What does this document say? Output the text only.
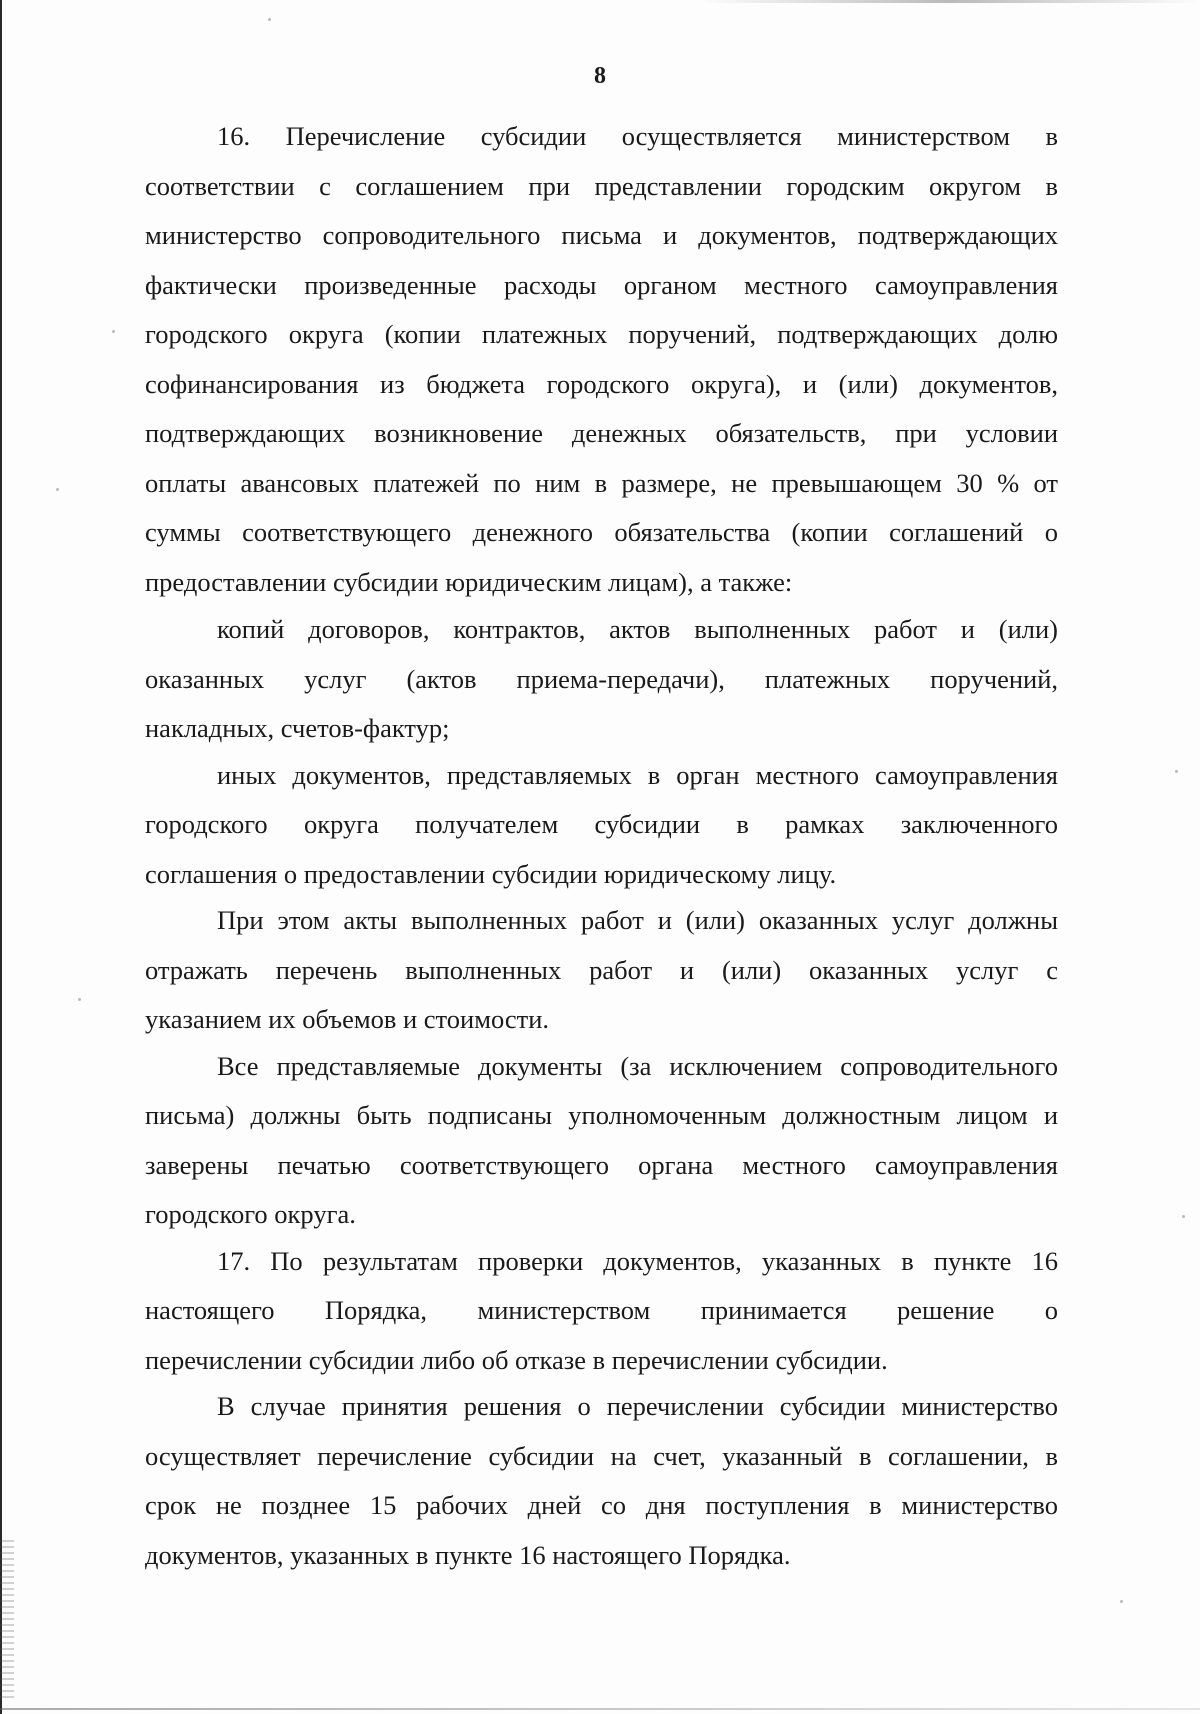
8

16. Перечисление субсидии осуществляется министерством в
соответствии с соглашением при представлении городским округом в
министерство сопроводительного письма и документов, подтверждающих
фактически произведенные расходы органом местного самоуправления
городского округа (копии платежных поручений, подтверждающих долю
софинансирования из бюджета городского округа), и (или) документов,
подтверждающих возникновение денежных обязательств, при условии
оплаты авансовых платежей по ним в размере, не превышающем 30 % от
суммы соответствующего денежного обязательства (копии соглашений о
предоставлении субсидии юридическим лицам), а также:

копий договоров, контрактов, актов выполненных работ и (или)
оказанных услуг (актов приема-передачи), платежных поручений,
накладных, счетов-фактур;

иных документов, представляемых в орган местного самоуправления
городского округа получателем субсидии в рамках заключенного
соглашения о предоставлении субсидии юридическому лицу.

При этом акты выполненных работ и (или) оказанных услуг должны
отражать перечень выполненных работ и (или) оказанных услуг с
указанием их объемов и стоимости.

Все представляемые документы (за исключением сопроводительного
письма) должны быть подписаны уполномоченным должностным лицом и
заверены печатью соответствующего органа местного самоуправления
городского округа.

17. По результатам проверки документов, указанных в пункте 16
настоящего Порядка, министерством принимается решение о
перечислении субсидии либо об отказе в перечислении субсидии.

В случае принятия решения о перечислении субсидии министерство
осуществляет перечисление субсидии на счет, указанный в соглашении, в
срок не позднее 15 рабочих дней со дня поступления в министерство
документов, указанных в пункте 16 настоящего Порядка.
